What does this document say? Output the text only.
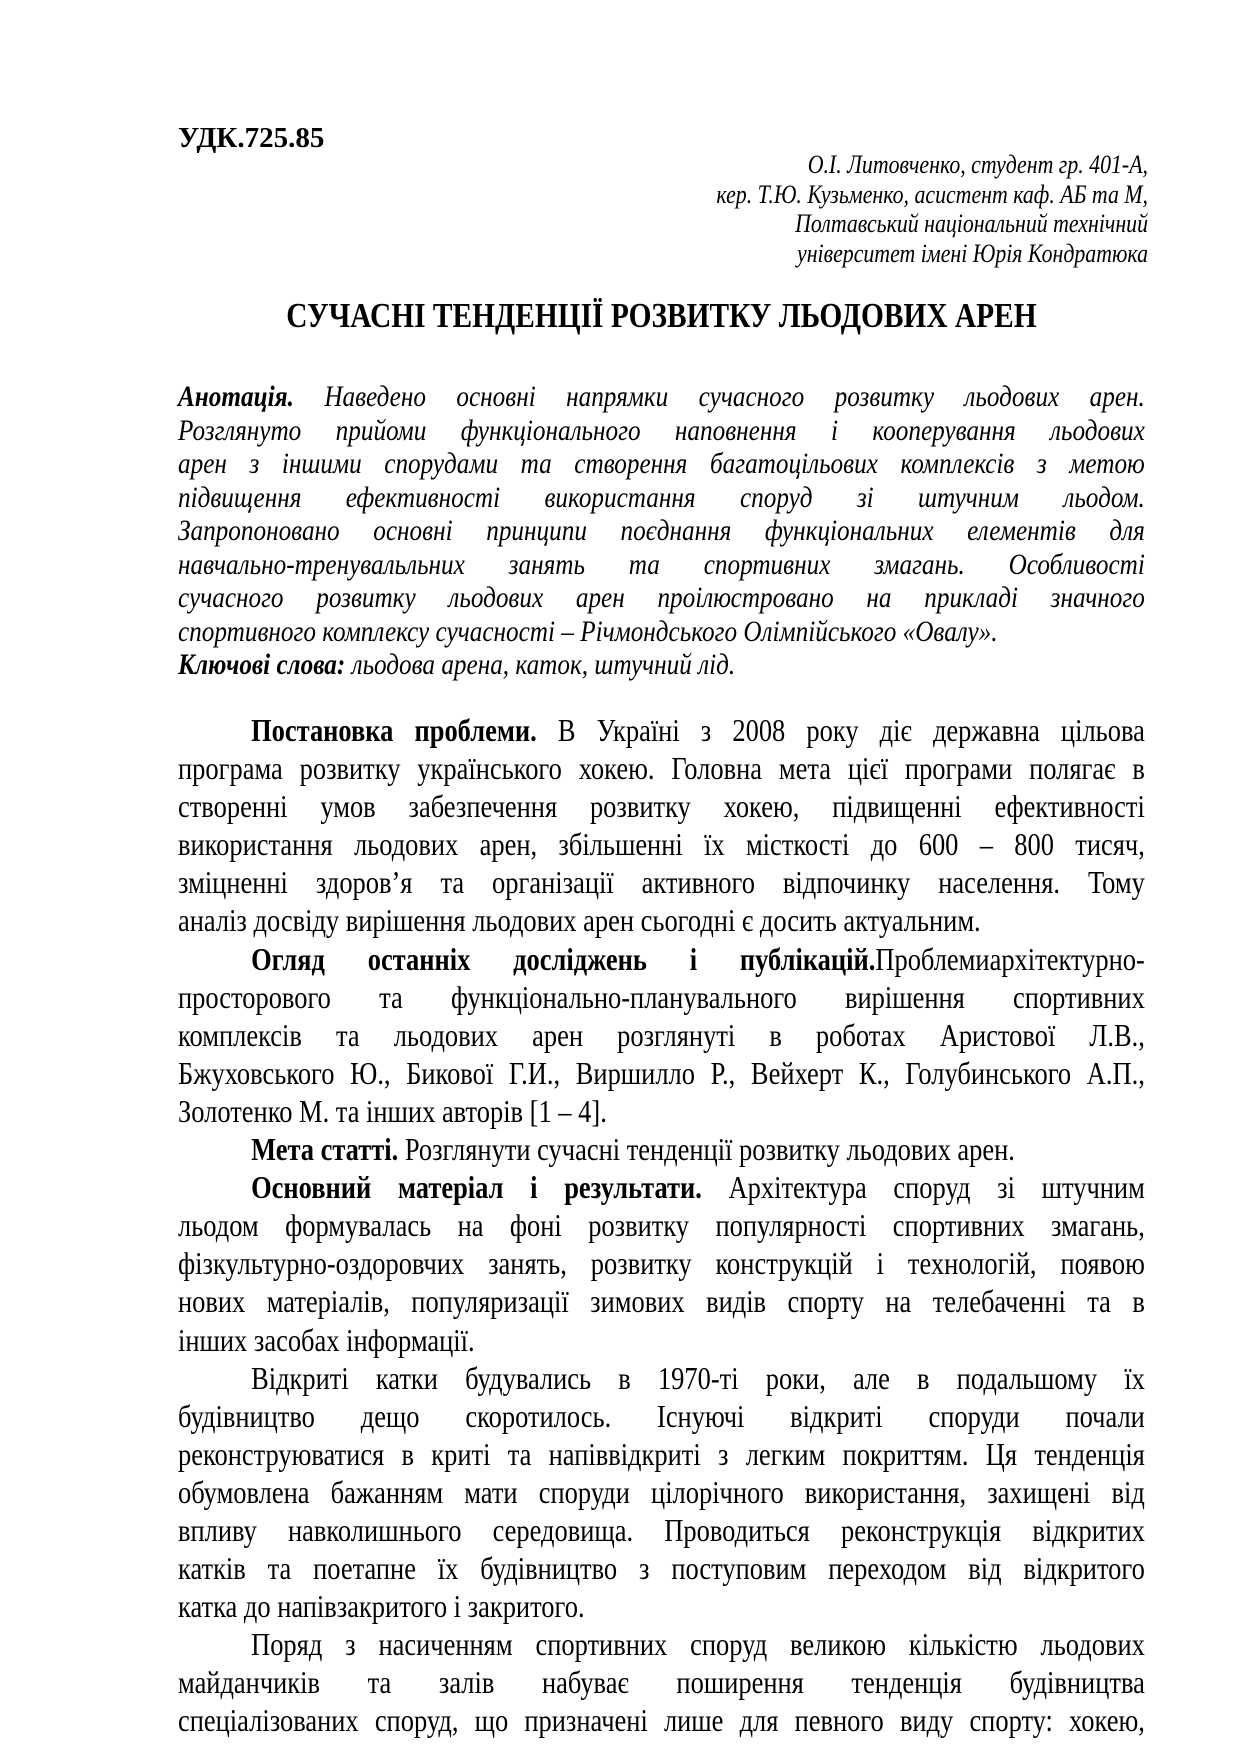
УДК.725.85
О.І. Литовченко, студент гр. 401-А,
кер. Т.Ю. Кузьменко, асистент каф. АБ та М,
Полтавський національний технічний
університет імені Юрія Кондратюка
СУЧАСНІ ТЕНДЕНЦІЇ РОЗВИТКУ ЛЬОДОВИХ АРЕН
Анотація. Наведено основні напрямки сучасного розвитку льодових арен.
Розглянуто прийоми функціонального наповнення і кооперування льодових
арен з іншими спорудами та створення багатоцільових комплексів з метою
підвищення ефективності використання споруд зі штучним льодом.
Запропоновано основні принципи поєднання функціональних елементів для
навчально-тренувальльних занять та спортивних змагань. Особливості
сучасного розвитку льодових арен проілюстровано на прикладі значного
спортивного комплексу сучасності – Річмондського Олімпійського «Овалу».
Ключові слова: льодова арена, каток, штучний лід.
Постановка проблеми. В Україні з 2008 року діє державна цільова
програма розвитку українського хокею. Головна мета цієї програми полягає в
створенні умов забезпечення розвитку хокею, підвищенні ефективності
використання льодових арен, збільшенні їх місткості до 600 – 800 тисяч,
зміцненні здоров’я та організації активного відпочинку населення. Тому
аналіз досвіду вирішення льодових арен сьогодні є досить актуальним.
Огляд останніх досліджень і публікацій.Проблемиархітектурно-
просторового та функціонально-планувального вирішення спортивних
комплексів та льодових арен розглянуті в роботах Аристової Л.В.,
Бжуховського Ю., Бикової Г.И., Виршилло Р., Вейхерт К., Голубинського А.П.,
Золотенко М. та інших авторів [1 – 4].
Мета статті. Розглянути сучасні тенденції розвитку льодових арен.
Основний матеріал і результати. Архітектура споруд зі штучним
льодом формувалась на фоні розвитку популярності спортивних змагань,
фізкультурно-оздоровчих занять, розвитку конструкцій і технологій, появою
нових матеріалів, популяризації зимових видів спорту на телебаченні та в
інших засобах інформації.
Відкриті катки будувались в 1970-ті роки, але в подальшому їх
будівництво дещо скоротилось. Існуючі відкриті споруди почали
реконструюватися в криті та напіввідкриті з легким покриттям. Ця тенденція
обумовлена бажанням мати споруди цілорічного використання, захищені від
впливу навколишнього середовища. Проводиться реконструкція відкритих
катків та поетапне їх будівництво з поступовим переходом від відкритого
катка до напівзакритого і закритого.
Поряд з насиченням спортивних споруд великою кількістю льодових
майданчиків та залів набуває поширення тенденція будівництва
спеціалізованих споруд, що призначені лише для певного виду спорту: хокею,
